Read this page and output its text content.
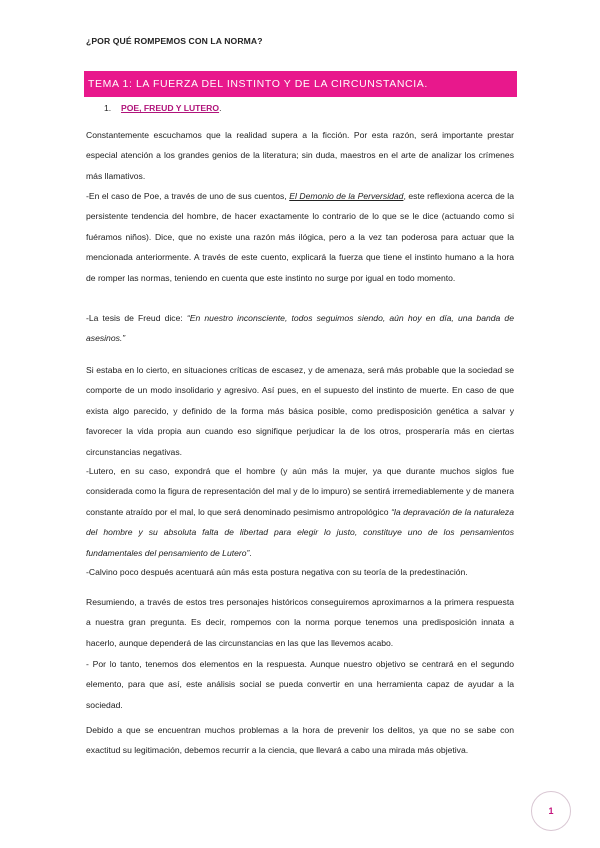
¿POR QUÉ ROMPEMOS CON LA NORMA?
TEMA 1: LA FUERZA DEL INSTINTO Y DE LA CIRCUNSTANCIA.
1. POE, FREUD Y LUTERO.
Constantemente escuchamos que la realidad supera a la ficción. Por esta razón, será importante prestar especial atención a los grandes genios de la literatura; sin duda, maestros en el arte de analizar los crímenes más llamativos.
-En el caso de Poe, a través de uno de sus cuentos, El Demonio de la Perversidad, este reflexiona acerca de la persistente tendencia del hombre, de hacer exactamente lo contrario de lo que se le dice (actuando como si fuéramos niños). Dice, que no existe una razón más ilógica, pero a la vez tan poderosa para actuar que la mencionada anteriormente. A través de este cuento, explicará la fuerza que tiene el instinto humano a la hora de romper las normas, teniendo en cuenta que este instinto no surge por igual en todo momento.
-La tesis de Freud dice: “En nuestro inconsciente, todos seguimos siendo, aún hoy en día, una banda de asesinos.”
Si estaba en lo cierto, en situaciones críticas de escasez, y de amenaza, será más probable que la sociedad se comporte de un modo insolidario y agresivo. Así pues, en el supuesto del instinto de muerte. En caso de que exista algo parecido, y definido de la forma más básica posible, como predisposición genética a salvar y favorecer la vida propia aun cuando eso signifique perjudicar la de los otros, prosperaría más en ciertas circunstancias negativas.
-Lutero, en su caso, expondrá que el hombre (y aún más la mujer, ya que durante muchos siglos fue considerada como la figura de representación del mal y de lo impuro) se sentirá irremediablemente y de manera constante atraído por el mal, lo que será denominado pesimismo antropológico “la depravación de la naturaleza del hombre y su absoluta falta de libertad para elegir lo justo, constituye uno de los pensamientos fundamentales del pensamiento de Lutero”.
-Calvino poco después acentuará aún más esta postura negativa con su teoría de la predestinación.
Resumiendo, a través de estos tres personajes históricos conseguiremos aproximarnos a la primera respuesta a nuestra gran pregunta. Es decir, rompemos con la norma porque tenemos una predisposición innata a hacerlo, aunque dependerá de las circunstancias en las que las llevemos acabo.
- Por lo tanto, tenemos dos elementos en la respuesta. Aunque nuestro objetivo se centrará en el segundo elemento, para que así, este análisis social se pueda convertir en una herramienta capaz de ayudar a la sociedad.
Debido a que se encuentran muchos problemas a la hora de prevenir los delitos, ya que no se sabe con exactitud su legitimación, debemos recurrir a la ciencia, que llevará a cabo una mirada más objetiva.
1
